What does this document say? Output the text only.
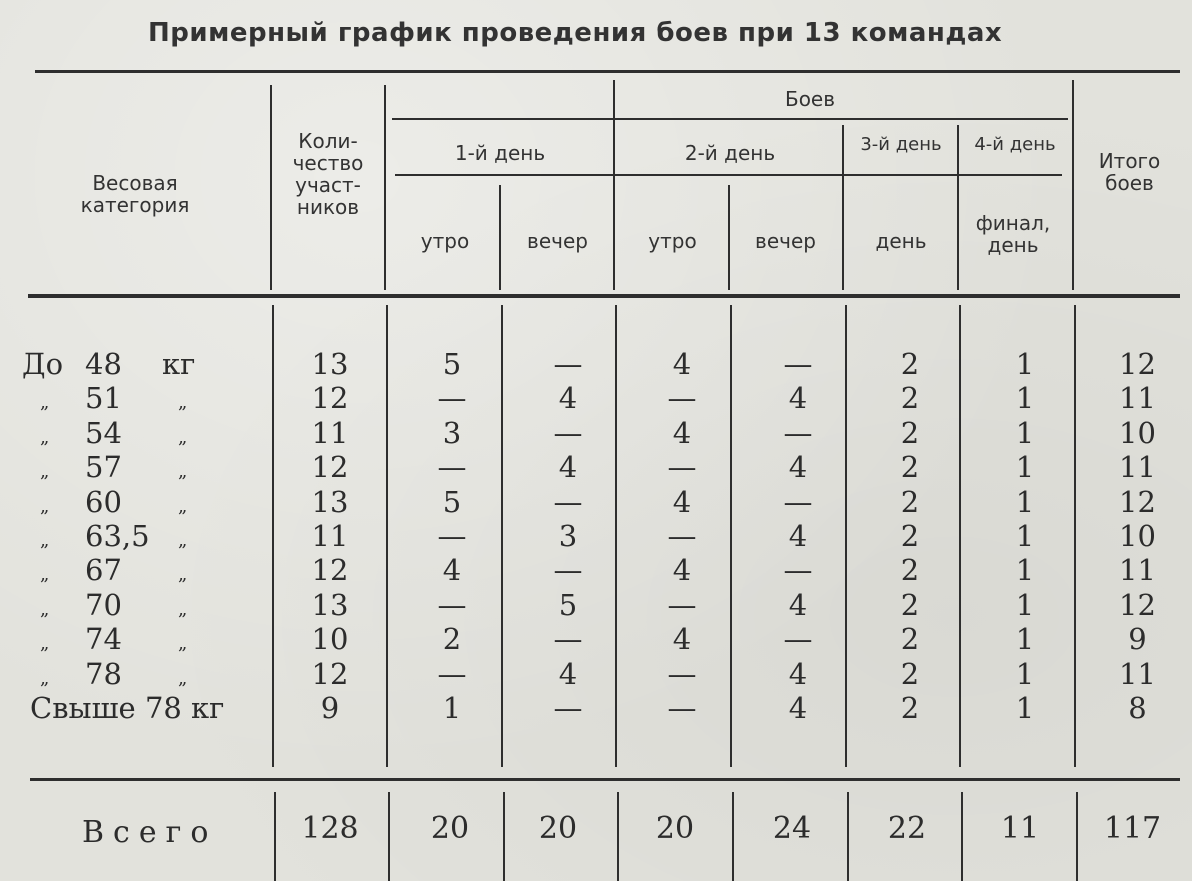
Примерный график проведения боев при 13 командах
Весовая категория
Коли- чество участ- ников
Боев
1-й день	2-й день	3-й день	4-й день
Итого боев
утро	вечер	утро	вечер	день
финал, день
До 48 кг	13	5	—	4	—	2	1	12
„ 51	„	12	—	4	—	4	2	1	11
„ 54	„	11	3	—	4	—	2	1	10
„ 57	„	12	—	4	—	4	2	1	11
„ 60	„	13	5	—	4	—	2	1	12
„ 63,5 „	11	—	3	—	4	2	1	10
„ 67	„	12	4	—	4	—	2	1	11
„ 70	„	13	—	5	—	4	2	1	12
„ 74	„	10	2	—	4	—	2	1	9
„ 78	„	12	—	4	—	4	2	1	11
Свыше 78 кг	9	1	—	—	4	2	1	8
Всего	128	20	20	20	24	22	11	117
